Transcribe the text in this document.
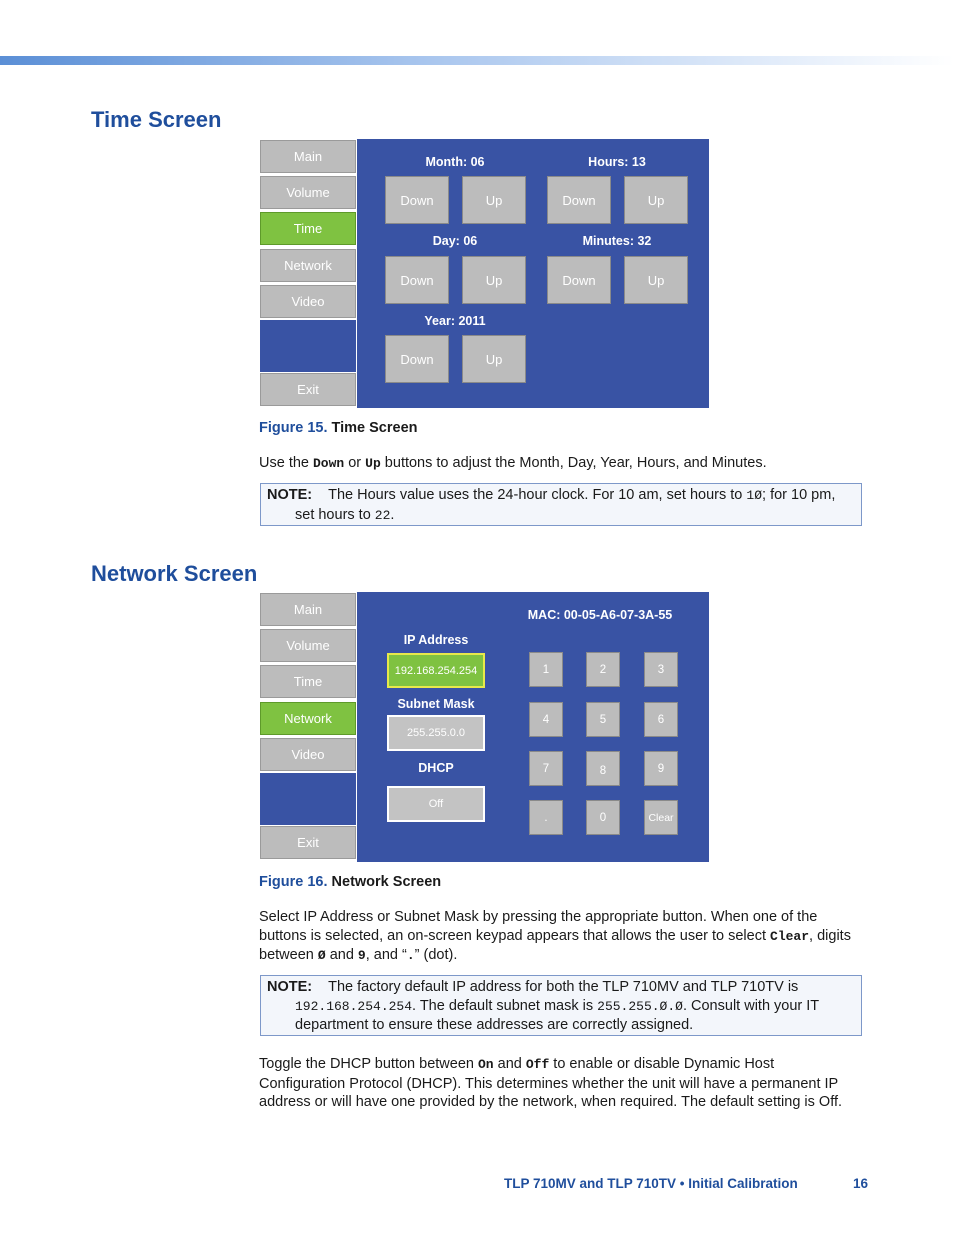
Time Screen
Main
Volume
Time
Network
Video
Exit
Month: 06	Hours: 13
Down	Up	Down	Up
Day: 06	Minutes: 32
Down	Up	Down	Up
Year: 2011
Down	Up
Figure 15. Time Screen

Use the Down or Up buttons to adjust the Month, Day, Year, Hours, and Minutes.

NOTE: The Hours value uses the 24-hour clock. For 10 am, set hours to 1Ø; for 10 pm, set hours to 22.
Network Screen
Main
Volume
Time
Network
Video
Exit
MAC: 00-05-A6-07-3A-55
IP Address
192.168.254.254
Subnet Mask
255.255.0.0
DHCP
Off
1	2	3
4	5	6
7	8	9
.	0	Clear
Figure 16. Network Screen

Select IP Address or Subnet Mask by pressing the appropriate button. When one of the buttons is selected, an on-screen keypad appears that allows the user to select Clear, digits between Ø and 9, and “.” (dot).

NOTE: The factory default IP address for both the TLP 710MV and TLP 710TV is 192.168.254.254. The default subnet mask is 255.255.Ø.Ø. Consult with your IT department to ensure these addresses are correctly assigned.

Toggle the DHCP button between On and Off to enable or disable Dynamic Host Configuration Protocol (DHCP). This determines whether the unit will have a permanent IP address or will have one provided by the network, when required. The default setting is Off.

TLP 710MV and TLP 710TV • Initial Calibration	16
